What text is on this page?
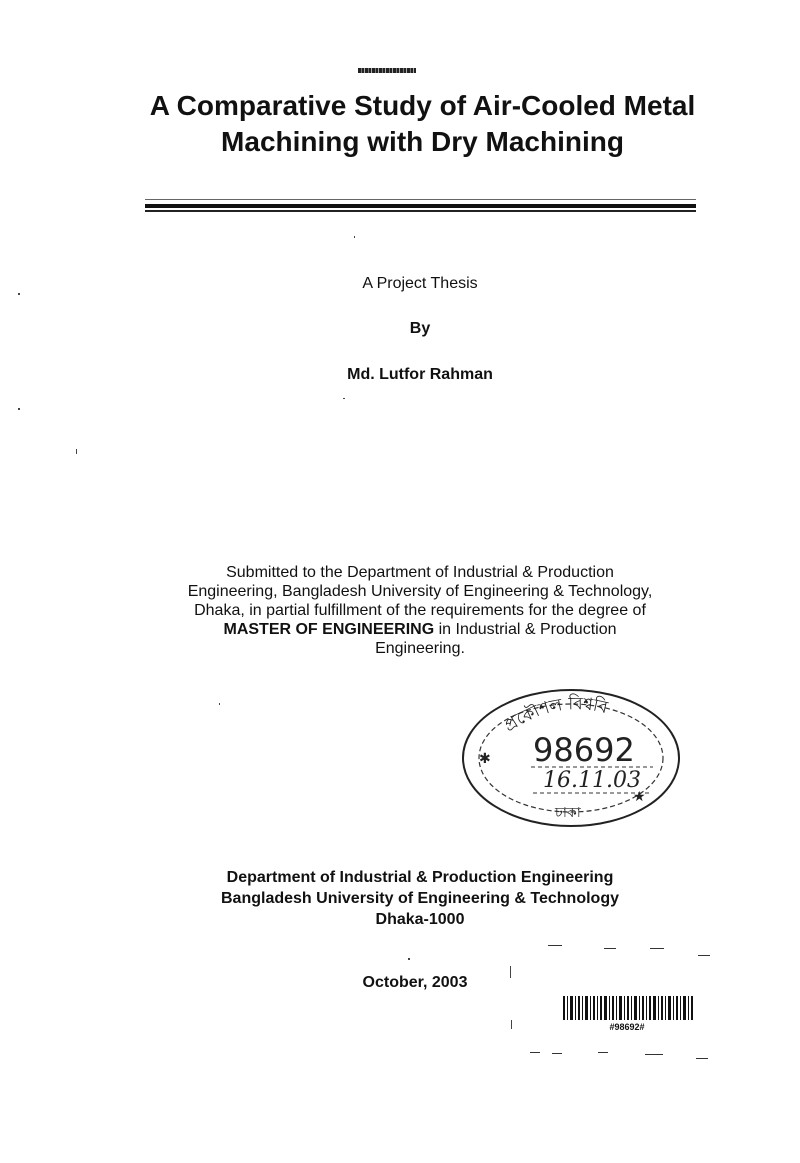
A Comparative Study of Air-Cooled Metal Machining with Dry Machining
A Project Thesis
By
Md. Lutfor Rahman
Submitted to the Department of Industrial & Production
Engineering, Bangladesh University of Engineering & Technology,
Dhaka, in partial fulfillment of the requirements for the degree of
MASTER OF ENGINEERING in Industrial & Production
Engineering.
প্রকৌশল বিশ্ববি
98692
16.11.03
ঢাকা
✱
★
Department of Industrial & Production Engineering
Bangladesh University of Engineering & Technology
Dhaka-1000
October, 2003
#98692#
